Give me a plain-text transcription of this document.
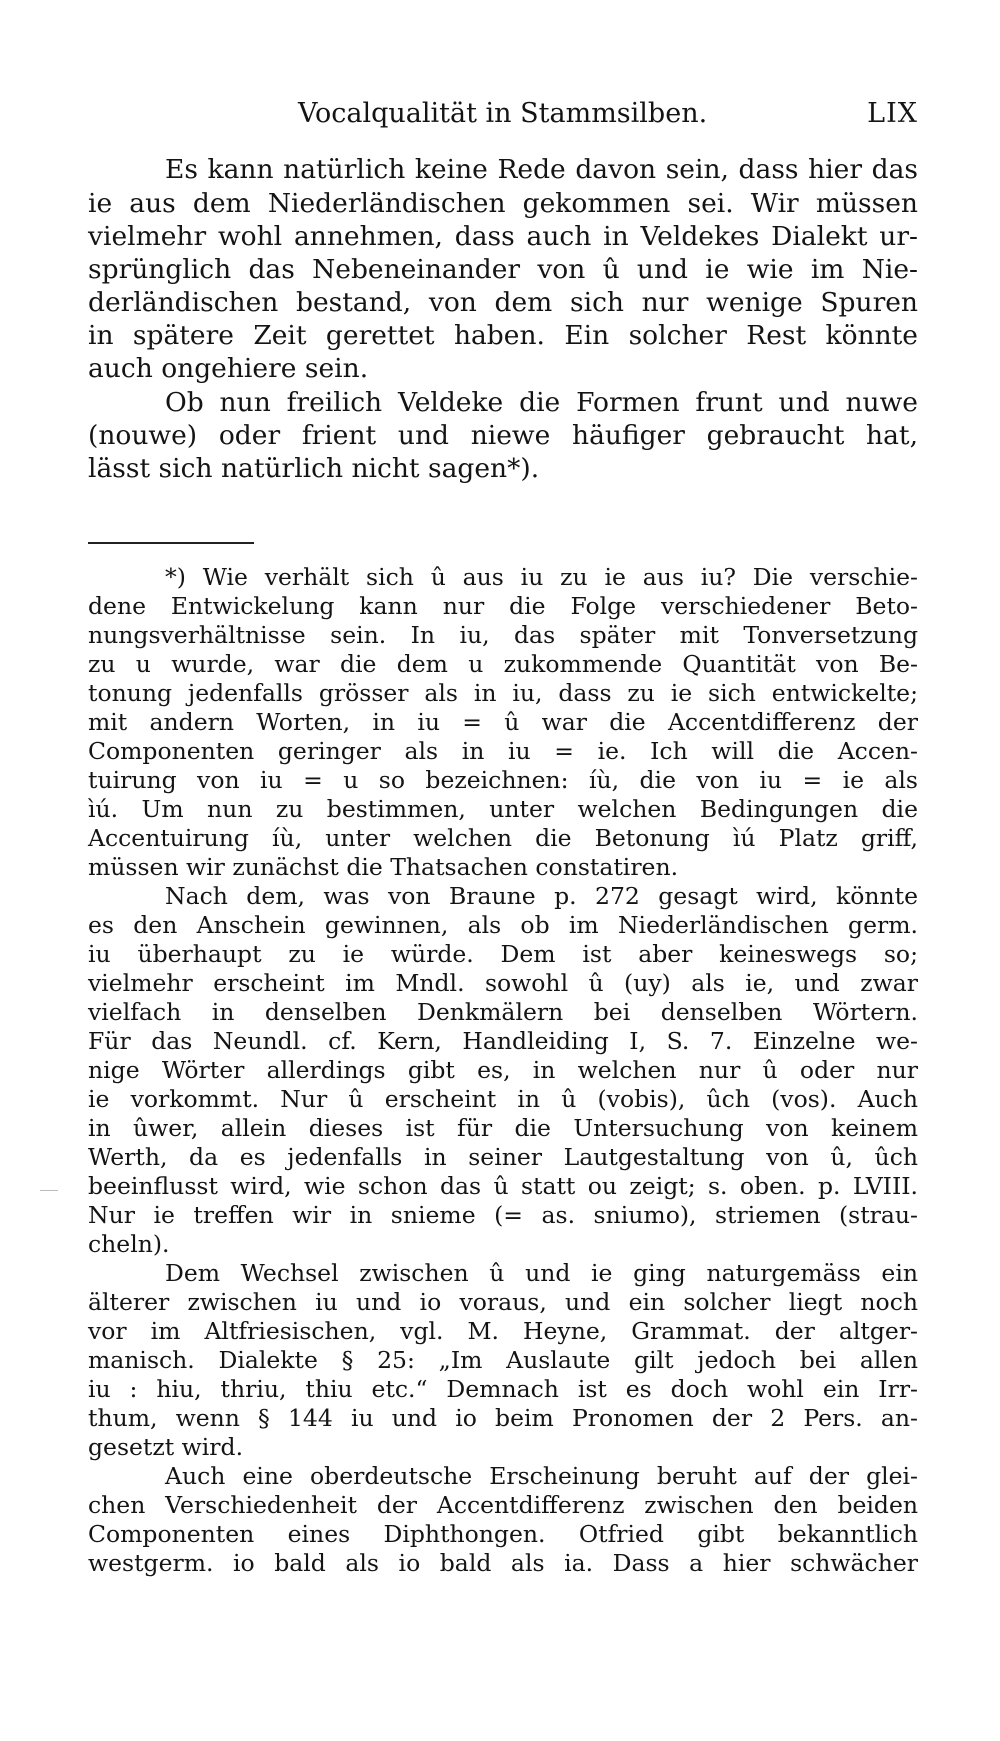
Vocalqualität in Stammsilben.	LIX
Es kann natürlich keine Rede davon sein, dass hier das
ie aus dem Niederländischen gekommen sei. Wir müssen
vielmehr wohl annehmen, dass auch in Veldekes Dialekt ur-
sprünglich das Nebeneinander von û und ie wie im Nie-
derländischen bestand, von dem sich nur wenige Spuren
in spätere Zeit gerettet haben. Ein solcher Rest könnte
auch ongehiere sein.
Ob nun freilich Veldeke die Formen frunt und nuwe
(nouwe) oder frient und niewe häufiger gebraucht hat,
lässt sich natürlich nicht sagen*).
*) Wie verhält sich û aus iu zu ie aus iu? Die verschie-
dene Entwickelung kann nur die Folge verschiedener Beto-
nungsverhältnisse sein. In iu, das später mit Tonversetzung
zu u wurde, war die dem u zukommende Quantität von Be-
tonung jedenfalls grösser als in iu, dass zu ie sich entwickelte;
mit andern Worten, in iu = û war die Accentdifferenz der
Componenten geringer als in iu = ie. Ich will die Accen-
tuirung von iu = u so bezeichnen: íù, die von iu = ie als
ìú. Um nun zu bestimmen, unter welchen Bedingungen die
Accentuirung íù, unter welchen die Betonung ìú Platz griff,
müssen wir zunächst die Thatsachen constatiren.
Nach dem, was von Braune p. 272 gesagt wird, könnte
es den Anschein gewinnen, als ob im Niederländischen germ.
iu überhaupt zu ie würde. Dem ist aber keineswegs so;
vielmehr erscheint im Mndl. sowohl û (uy) als ie, und zwar
vielfach in denselben Denkmälern bei denselben Wörtern.
Für das Neundl. cf. Kern, Handleiding I, S. 7. Einzelne we-
nige Wörter allerdings gibt es, in welchen nur û oder nur
ie vorkommt. Nur û erscheint in û (vobis), ûch (vos). Auch
in ûwer, allein dieses ist für die Untersuchung von keinem
Werth, da es jedenfalls in seiner Lautgestaltung von û, ûch
beeinflusst wird, wie schon das û statt ou zeigt; s. oben. p. LVIII.
Nur ie treffen wir in snieme (= as. sniumo), striemen (strau-
cheln).
Dem Wechsel zwischen û und ie ging naturgemäss ein
älterer zwischen iu und io voraus, und ein solcher liegt noch
vor im Altfriesischen, vgl. M. Heyne, Grammat. der altger-
manisch. Dialekte § 25: „Im Auslaute gilt jedoch bei allen
iu : hiu, thriu, thiu etc.“ Demnach ist es doch wohl ein Irr-
thum, wenn § 144 iu und io beim Pronomen der 2 Pers. an-
gesetzt wird.
Auch eine oberdeutsche Erscheinung beruht auf der glei-
chen Verschiedenheit der Accentdifferenz zwischen den beiden
Componenten eines Diphthongen. Otfried gibt bekanntlich
westgerm. io bald als io bald als ia. Dass a hier schwächer
